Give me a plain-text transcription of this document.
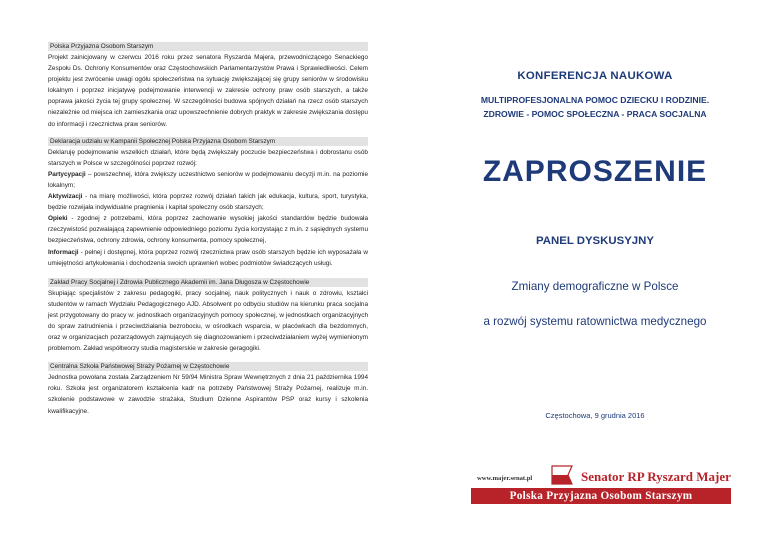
Polska Przyjazna Osobom Starszym
Projekt zainicjowany w czerwcu 2016 roku przez senatora Ryszarda Majera, przewodniczącego Senackiego Zespołu Ds. Ochrony Konsumentów oraz Częstochowskich Parlamentarzystów Prawa i Sprawiedliwości. Celem projektu jest zwrócenie uwagi ogółu społeczeństwa na sytuację zwiększającej się grupy seniorów w środowisku lokalnym i poprzez inicjatywę podejmowanie interwencji w zakresie ochrony praw osób starszych, a także poprawa jakości życia tej grupy społecznej. W szczególności budowa spójnych działań na rzecz osób starszych niezależnie od miejsca ich zamieszkania oraz upowszechnienie dobrych praktyk w zakresie zwiększania dostępu do informacji i rzecznictwa praw seniorów.
Deklaracja udziału w Kampanii Społecznej Polska Przyjazna Osobom Starszym
Deklaruję podejmowanie wszelkich działań, które będą zwiększały poczucie bezpieczeństwa i dobrostanu osób starszych w Polsce w szczególności poprzez rozwój:
Partycypacji – powszechnej, która zwiększy uczestnictwo seniorów w podejmowaniu decyzji m.in. na poziomie lokalnym;
Aktywizacji - na miarę możliwości, która poprzez rozwój działań takich jak edukacja, kultura, sport, turystyka, będzie rozwijała indywidualne pragnienia i kapitał społeczny osób starszych;
Opieki - zgodnej z potrzebami, która poprzez zachowanie wysokiej jakości standardów będzie budowała rzeczywistość pozwalającą zapewnienie odpowiedniego poziomu życia korzystając z m.in. z sąsiędnych systemu bezpieczeństwa, ochrony zdrowia, ochrony konsumenta, pomocy społecznej,
Informacji - pełnej i dostępnej, która poprzez rozwój rzecznictwa praw osób starszych będzie ich wyposażała w umiejętności artykułowania i dochodzenia swoich uprawnień wobec podmiotów świadczących usługi.
Zakład Pracy Socjalnej i Zdrowia Publicznego Akademii im. Jana Długosza w Częstochowie
Skupiając specjalistów z zakresu pedagogiki, pracy socjalnej, nauk politycznych i nauk o zdrowiu, kształci studentów w ramach Wydziału Pedagogicznego AJD. Absolwent po odbyciu studiów na kierunku praca socjalna jest przygotowany do pracy w: jednostkach organizacyjnych pomocy społecznej, w jednostkach organizacyjnych do spraw zatrudnienia i przeciwdziałania bezrobociu, w ośrodkach wsparcia, w placówkach dla bezdomnych, oraz w organizacjach pozarządowych zajmujących się diagnozowaniem i przeciwdziałaniem wyżej wymienionym problemom. Zakład współtworzy studia magisterskie w zakresie geragogiki.
Centralna Szkoła Państwowej Straży Pożarnej w Częstochowie
Jednostka powołana została Zarządzeniem Nr 59/94 Ministra Spraw Wewnętrznych z dnia 21 października 1994 roku. Szkoła jest organizatorem kształcenia kadr na potrzeby Państwowej Straży Pożarnej, realizuje m.in. szkolenie podstawowe w zawodzie strażaka, Studium Dzienne Aspirantów PSP oraz kursy i szkolenia kwalifikacyjne.
KONFERENCJA NAUKOWA
MULTIPROFESJONALNA POMOC DZIECKU I RODZINIE.
ZDROWIE - POMOC SPOŁECZNA - PRACA SOCJALNA
ZAPROSZENIE
PANEL DYSKUSYJNY
Zmiany demograficzne w Polsce
a rozwój systemu ratownictwa medycznego
Częstochowa, 9 grudnia 2016
www.majer.senat.pl	Senator RP Ryszard Majer
Polska Przyjazna Osobom Starszym
